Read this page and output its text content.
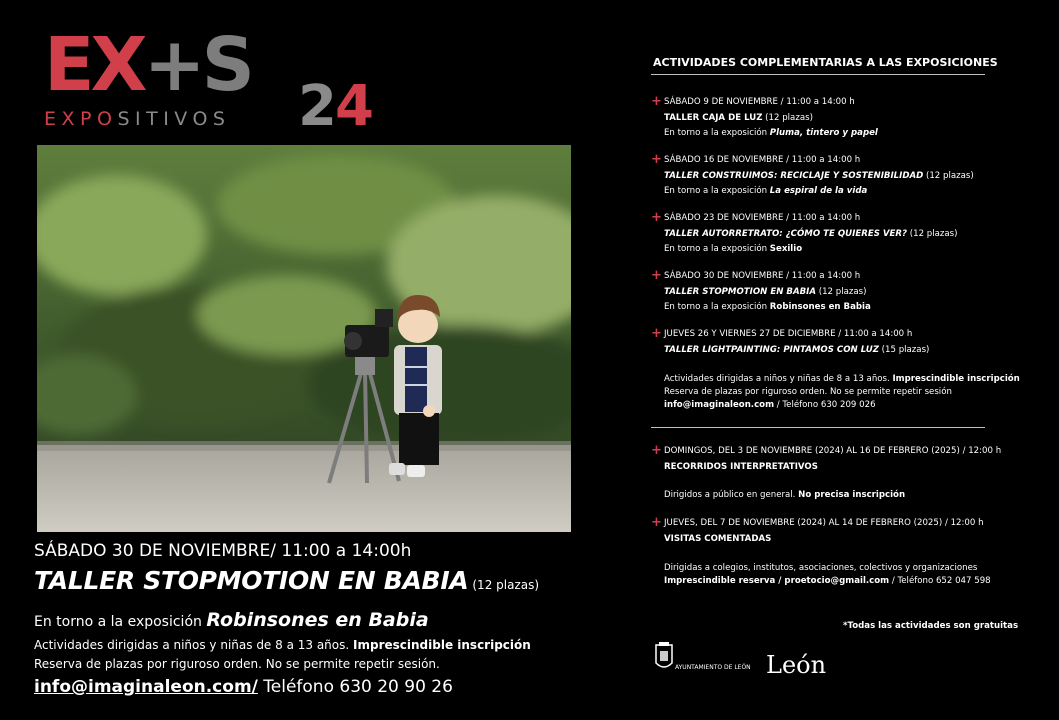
EX+S
EXPOSITIVOS 24
SÁBADO 30 DE NOVIEMBRE/ 11:00 a 14:00h
TALLER STOPMOTION EN BABIA (12 plazas)
En torno a la exposición Robinsones en Babia
Actividades dirigidas a niños y niñas de 8 a 13 años. Imprescindible inscripción
Reserva de plazas por riguroso orden. No se permite repetir sesión.
info@imaginaleon.com/ Teléfono 630 20 90 26
ACTIVIDADES COMPLEMENTARIAS A LAS EXPOSICIONES
+ SÁBADO 9 DE NOVIEMBRE / 11:00 a 14:00 h
TALLER CAJA DE LUZ (12 plazas)
En torno a la exposición Pluma, tintero y papel
+ SÁBADO 16 DE NOVIEMBRE / 11:00 a 14:00 h
TALLER CONSTRUIMOS: RECICLAJE Y SOSTENIBILIDAD (12 plazas)
En torno a la exposición La espiral de la vida
+ SÁBADO 23 DE NOVIEMBRE / 11:00 a 14:00 h
TALLER AUTORRETRATO: ¿CÓMO TE QUIERES VER? (12 plazas)
En torno a la exposición Sexilio
+ SÁBADO 30 DE NOVIEMBRE / 11:00 a 14:00 h
TALLER STOPMOTION EN BABIA (12 plazas)
En torno a la exposición Robinsones en Babia
+ JUEVES 26 Y VIERNES 27 DE DICIEMBRE / 11:00 a 14:00 h
TALLER LIGHTPAINTING: PINTAMOS CON LUZ (15 plazas)
Actividades dirigidas a niños y niñas de 8 a 13 años. Imprescindible inscripción
Reserva de plazas por riguroso orden. No se permite repetir sesión
info@imaginaleon.com / Teléfono 630 209 026
+ DOMINGOS, DEL 3 DE NOVIEMBRE (2024) AL 16 DE FEBRERO (2025) / 12:00 h
RECORRIDOS INTERPRETATIVOS
Dirigidos a público en general. No precisa inscripción
+ JUEVES, DEL 7 DE NOVIEMBRE (2024) AL 14 DE FEBRERO (2025) / 12:00 h
VISITAS COMENTADAS
Dirigidas a colegios, institutos, asociaciones, colectivos y organizaciones
Imprescindible reserva / proetocio@gmail.com / Teléfono 652 047 598
*Todas las actividades son gratuitas
AYUNTAMIENTO DE LEÓN León
